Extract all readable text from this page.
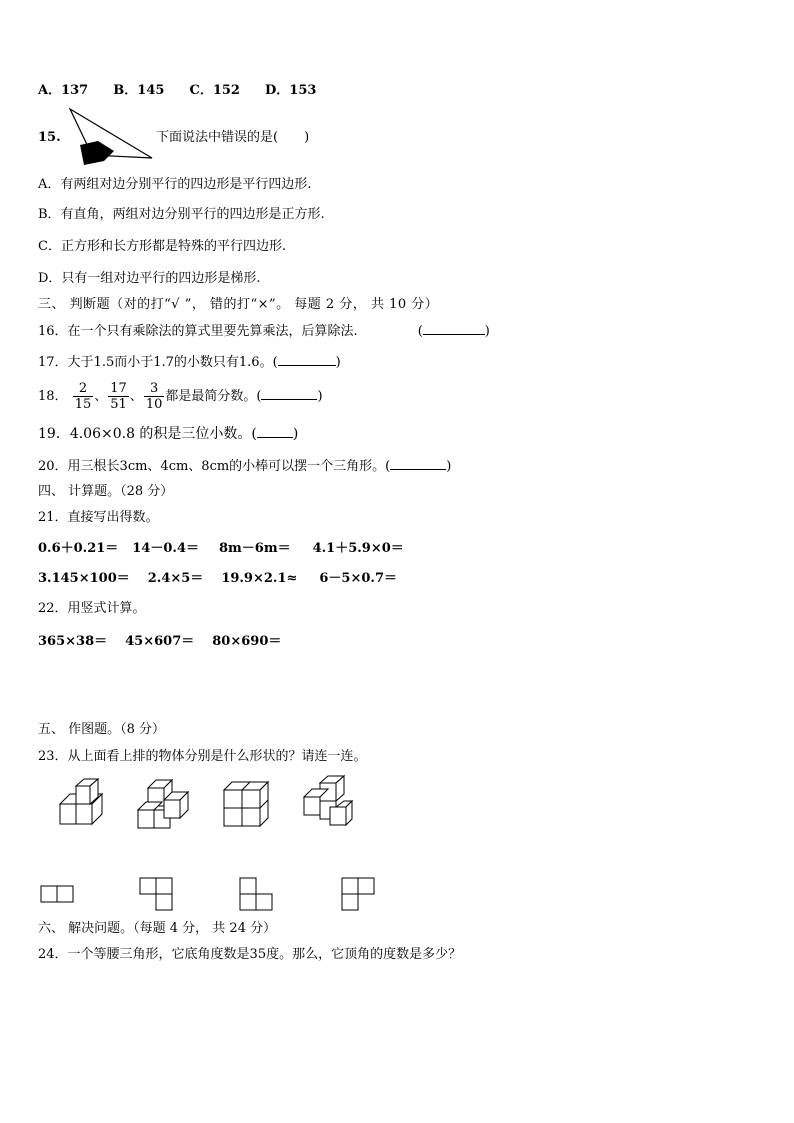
A．137 B．145 C．152 D．153
15.	下面说法中错误的是( )
A．有两组对边分别平行的四边形是平行四边形.
B．有直角，两组对边分别平行的四边形是正方形.
C．正方形和长方形都是特殊的平行四边形.
D．只有一组对边平行的四边形是梯形.
三、 判断题（对的打“√ ”， 错的打“×”。 每题 2 分， 共 10 分）
16．在一个只有乘除法的算式里要先算乘法，后算除法.	(	)
17．大于1.5而小于1.7的小数只有1.6。(	)
18． $\frac{2}{15}$ 、 $\frac{17}{51}$ 、 $\frac{3}{10}$ 都是最简分数。(	)
19．4.06×0.8 的积是三位小数。(	)
20．用三根长3cm、4cm、8cm的小棒可以摆一个三角形。(	)
四、 计算题。（28 分）
21．直接写出得数。
0.6＋0.21＝ 14－0.4＝ 8m－6m＝ 4.1＋5.9×0＝
3.145×100＝ 2.4×5＝ 19.9×2.1≈ 6－5×0.7＝
22．用竖式计算。
365×38＝ 45×607＝ 80×690＝
五、 作图题。（8 分）
23．从上面看上排的物体分别是什么形状的？请连一连。
六、 解决问题。（每题 4 分， 共 24 分）
24．一个等腰三角形，它底角度数是35度。那么，它顶角的度数是多少？
